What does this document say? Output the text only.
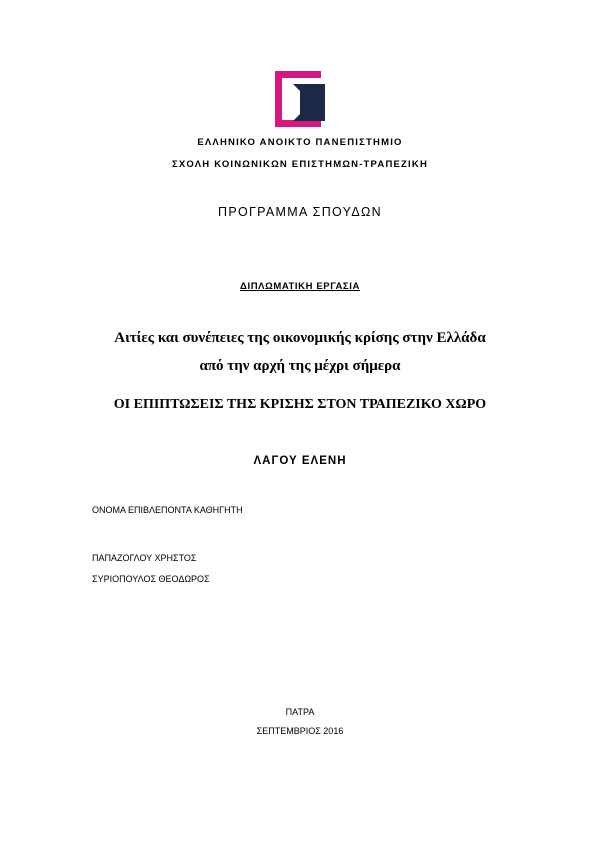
ΕΛΛΗΝΙΚΟ ΑΝΟΙΚΤΟ ΠΑΝΕΠΙΣΤΗΜΙΟ
ΣΧΟΛΗ ΚΟΙΝΩΝΙΚΩΝ ΕΠΙΣΤΗΜΩΝ-ΤΡΑΠΕΖΙΚΗ
ΠΡΟΓΡΑΜΜΑ ΣΠΟΥΔΩΝ
ΔΙΠΛΩΜΑΤΙΚΗ ΕΡΓΑΣΙΑ
Αιτίες και συνέπειες της οικονομικής κρίσης στην Ελλάδα
από την αρχή της μέχρι σήμερα
ΟΙ ΕΠΙΠΤΩΣΕΙΣ ΤΗΣ ΚΡΙΣΗΣ ΣΤΟΝ ΤΡΑΠΕΖΙΚΟ ΧΩΡΟ
ΛΑΓΟΥ ΕΛΕΝΗ
ΟΝΟΜΑ ΕΠΙΒΛΕΠΟΝΤΑ ΚΑΘΗΓΗΤΗ
ΠΑΠΑΖΟΓΛΟΥ ΧΡΗΣΤΟΣ
ΣΥΡΙΟΠΟΥΛΟΣ ΘΕΟΔΩΡΟΣ
ΠΑΤΡΑ
ΣΕΠΤΕΜΒΡΙΟΣ 2016
